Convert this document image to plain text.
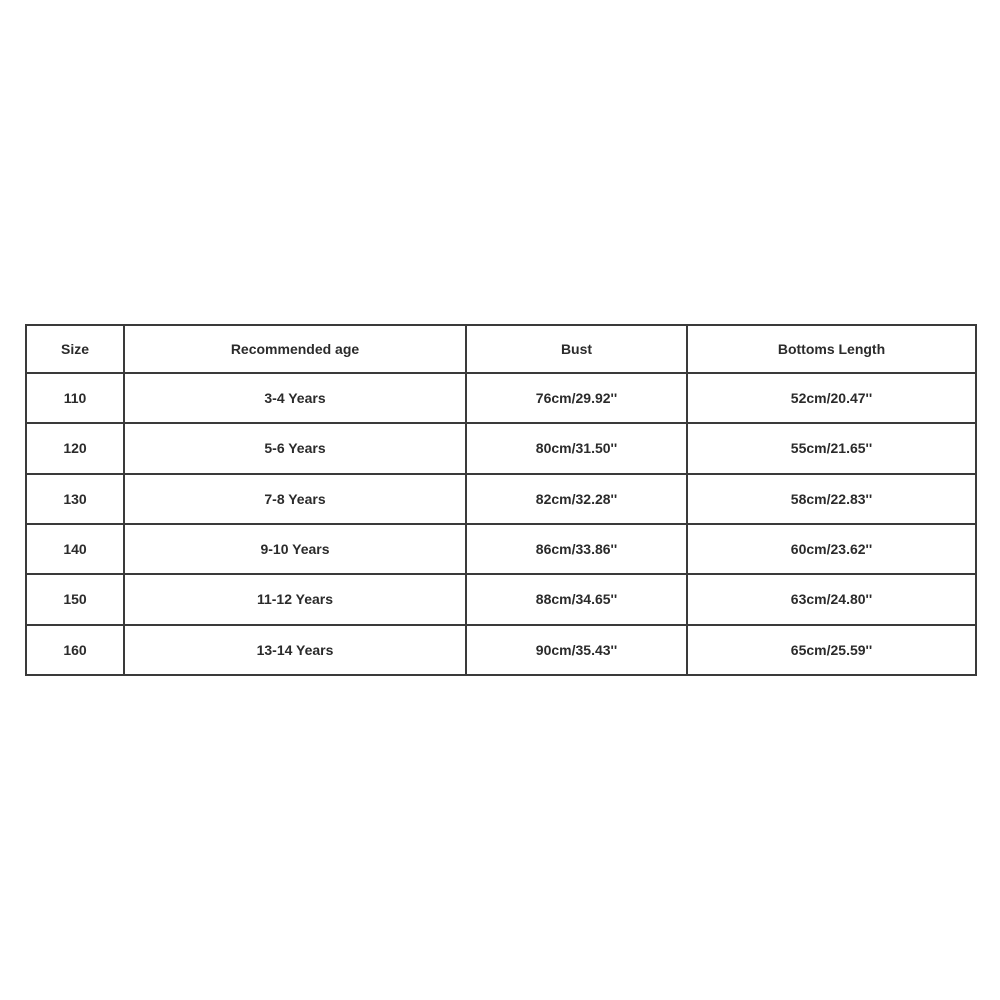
Size	Recommended age	Bust	Bottoms Length
110	3-4 Years	76cm/29.92''	52cm/20.47''
120	5-6 Years	80cm/31.50''	55cm/21.65''
130	7-8 Years	82cm/32.28''	58cm/22.83''
140	9-10 Years	86cm/33.86''	60cm/23.62''
150	11-12 Years	88cm/34.65''	63cm/24.80''
160	13-14 Years	90cm/35.43''	65cm/25.59''
